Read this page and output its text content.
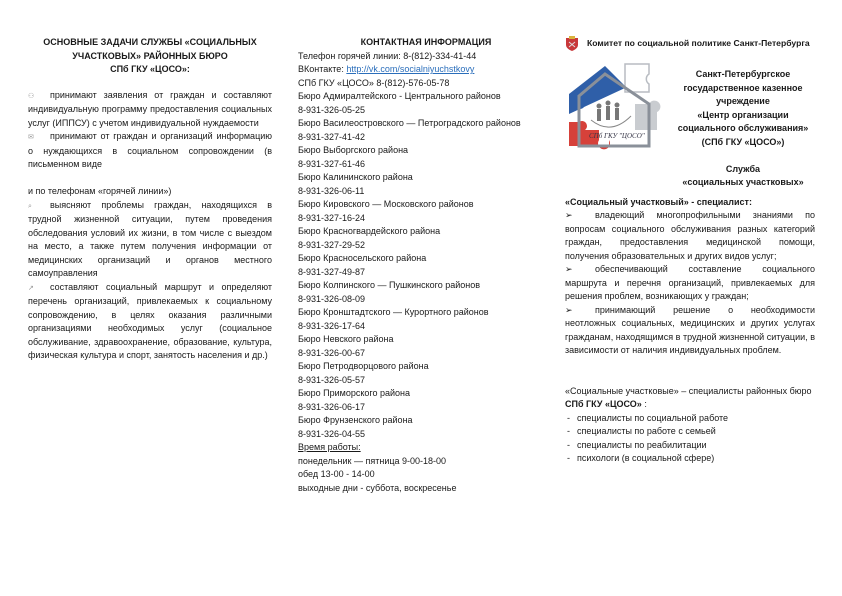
ОСНОВНЫЕ ЗАДАЧИ СЛУЖБЫ «СОЦИАЛЬНЫХ
УЧАСТКОВЫХ» РАЙОННЫХ БЮРО
СПб ГКУ «ЦОСО»:

⚇ принимают заявления от граждан и составляют индивидуальную программу предоставления социальных услуг (ИППСУ) с учетом индивидуальной нуждаемости

✉ принимают от граждан и организаций информацию о нуждающихся в социальном сопровождении (в письменном виде

и по телефонам «горячей линии»)

⌕ выясняют проблемы граждан, находящихся в трудной жизненной ситуации, путем проведения обследования условий их жизни, в том числе с выездом на место, а также путем получения информации от медицинских организаций и органов местного самоуправления

↗ составляют социальный маршрут и определяют перечень организаций, привлекаемых к социальному сопровождению, в целях оказания различными организациями необходимых услуг (социальное обслуживание, здравоохранение, образование, культура, физическая культура и спорт, занятость населения и др.)

КОНТАКТНАЯ ИНФОРМАЦИЯ
Телефон горячей линии: 8-(812)-334-41-44
ВКонтакте: http://vk.com/socialniyuchstkovy
СПб ГКУ «ЦОСО» 8-(812)-576-05-78
Бюро Адмиралтейского - Центрального районов
8-931-326-05-25
Бюро Василеостровского — Петроградского районов
8-931-327-41-42
Бюро Выборгского района
8-931-327-61-46
Бюро Калининского района
8-931-326-06-11
Бюро Кировского — Московского районов
8-931-327-16-24
Бюро Красногвардейского района
8-931-327-29-52
Бюро Красносельского района
8-931-327-49-87
Бюро Колпинского — Пушкинского районов
8-931-326-08-09
Бюро Кронштадтского — Курортного районов
8-931-326-17-64
Бюро Невского района
8-931-326-00-67
Бюро Петродворцового района
8-931-326-05-57
Бюро Приморского района
8-931-326-06-17
Бюро Фрунзенского района
8-931-326-04-55
Время работы:
понедельник — пятница 9-00-18-00
обед 13-00 - 14-00
выходные дни - суббота, воскресенье
Комитет по социальной политике Санкт-Петербурга
СПб ГКУ "ЦОСО"
Санкт-Петербургское
государственное казенное
учреждение
«Центр организации
социального обслуживания»
(СПб ГКУ «ЦОСО»)
Служба
«социальных участковых»
«Социальный участковый» - специалист:
➢ владеющий многопрофильными знаниями по вопросам социального обслуживания разных категорий граждан, предоставления медицинской помощи, получения образовательных и других видов услуг;
➢ обеспечивающий составление социального маршрута и перечня организаций, привлекаемых для решения проблем, возникающих у граждан;
➢ принимающий решение о необходимости неотложных социальных, медицинских и других услугах гражданам, находящимся в трудной жизненной ситуации, в зависимости от наличия индивидуальных проблем.
«Социальные участковые» – специалисты районных бюро СПб ГКУ «ЦОСО» :
- специалисты по социальной работе
- специалисты по работе с семьей
- специалисты по реабилитации
- психологи (в социальной сфере)
